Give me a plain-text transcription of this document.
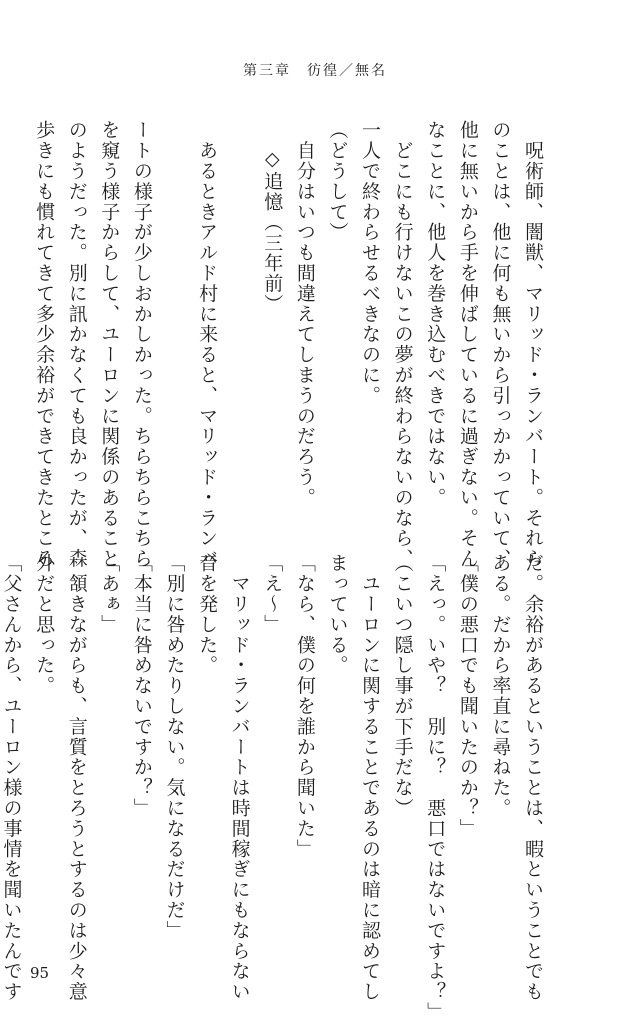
第三章　彷徨／無名

　呪術師、闇獣、マリッド・ランバート。それら

のことは、他に何も無いから引っかかっていて、

他に無いから手を伸ばしているに過ぎない。そん

なことに、他人を巻き込むべきではない。

　どこにも行けないこの夢が終わらないのなら、

一人で終わらせるべきなのに。

（どうして）

　自分はいつも間違えてしまうのだろう。

◇追憶（三年前）

　あるときアルド村に来ると、マリッド・ランバ

ートの様子が少しおかしかった。ちらちらこちら

を窺う様子からして、ユーロンに関係のあること

のようだった。別に訊かなくても良かったが、森

歩きにも慣れてきて多少余裕ができてきたところ

だ。余裕があるということは、暇ということでも

ある。だから率直に尋ねた。

「僕の悪口でも聞いたのか？」

「えっ。いや？　別に？　悪口ではないですよ？」

（こいつ隠し事が下手だな）

　ユーロンに関することであるのは暗に認めてし

まっている。

「なら、僕の何を誰から聞いた」

「え～」

　マリッド・ランバートは時間稼ぎにもならない

音を発した。

「別に咎めたりしない。気になるだけだ」

「本当に咎めないですか？」

「あぁ」

　頷きながらも、言質をとろうとするのは少々意

外だと思った。

「父さんから、ユーロン様の事情を聞いたんです 95
